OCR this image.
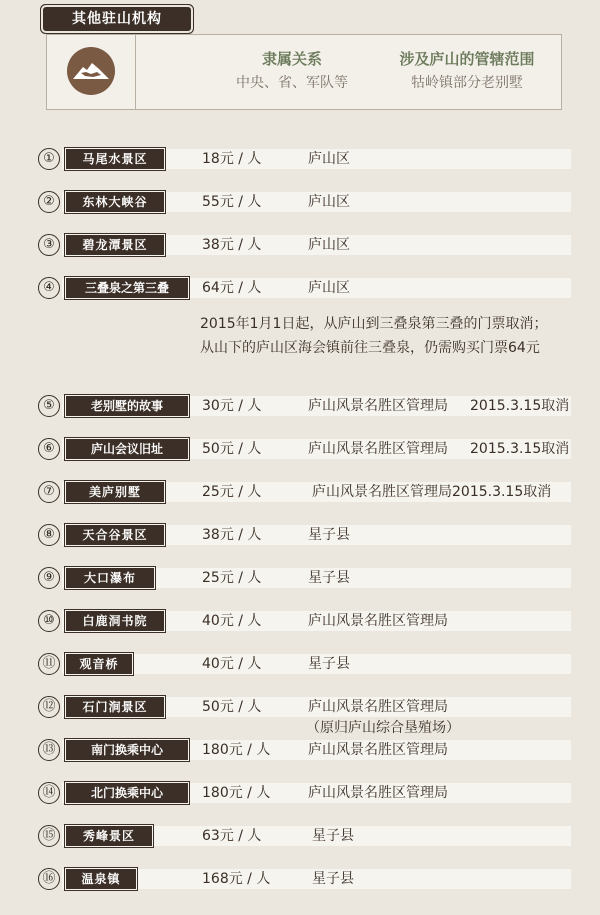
其他驻山机构
隶属关系
中央、省、军队等
涉及庐山的管辖范围
牯岭镇部分老别墅
①	马尾水景区	18元 / 人	庐山区
②	东林大峡谷	55元 / 人	庐山区
③	碧龙潭景区	38元 / 人	庐山区
④	三叠泉之第三叠	64元 / 人	庐山区
2015年1月1日起，从庐山到三叠泉第三叠的门票取消；从山下的庐山区海会镇前往三叠泉，仍需购买门票64元
⑤	老别墅的故事	30元 / 人	庐山风景名胜区管理局 2015.3.15取消
⑥	庐山会议旧址	50元 / 人	庐山风景名胜区管理局 2015.3.15取消
⑦	美庐别墅	25元 / 人	庐山风景名胜区管理局2015.3.15取消
⑧	天合谷景区	38元 / 人	星子县
⑨	大口瀑布	25元 / 人	星子县
⑩	白鹿洞书院	40元 / 人	庐山风景名胜区管理局
⑪	观音桥	40元 / 人	星子县
⑫	石门涧景区	50元 / 人	庐山风景名胜区管理局
（原归庐山综合垦殖场）
⑬	南门换乘中心	180元 / 人	庐山风景名胜区管理局
⑭	北门换乘中心	180元 / 人	庐山风景名胜区管理局
⑮	秀峰景区	63元 / 人	星子县
⑯	温泉镇	168元 / 人	星子县
